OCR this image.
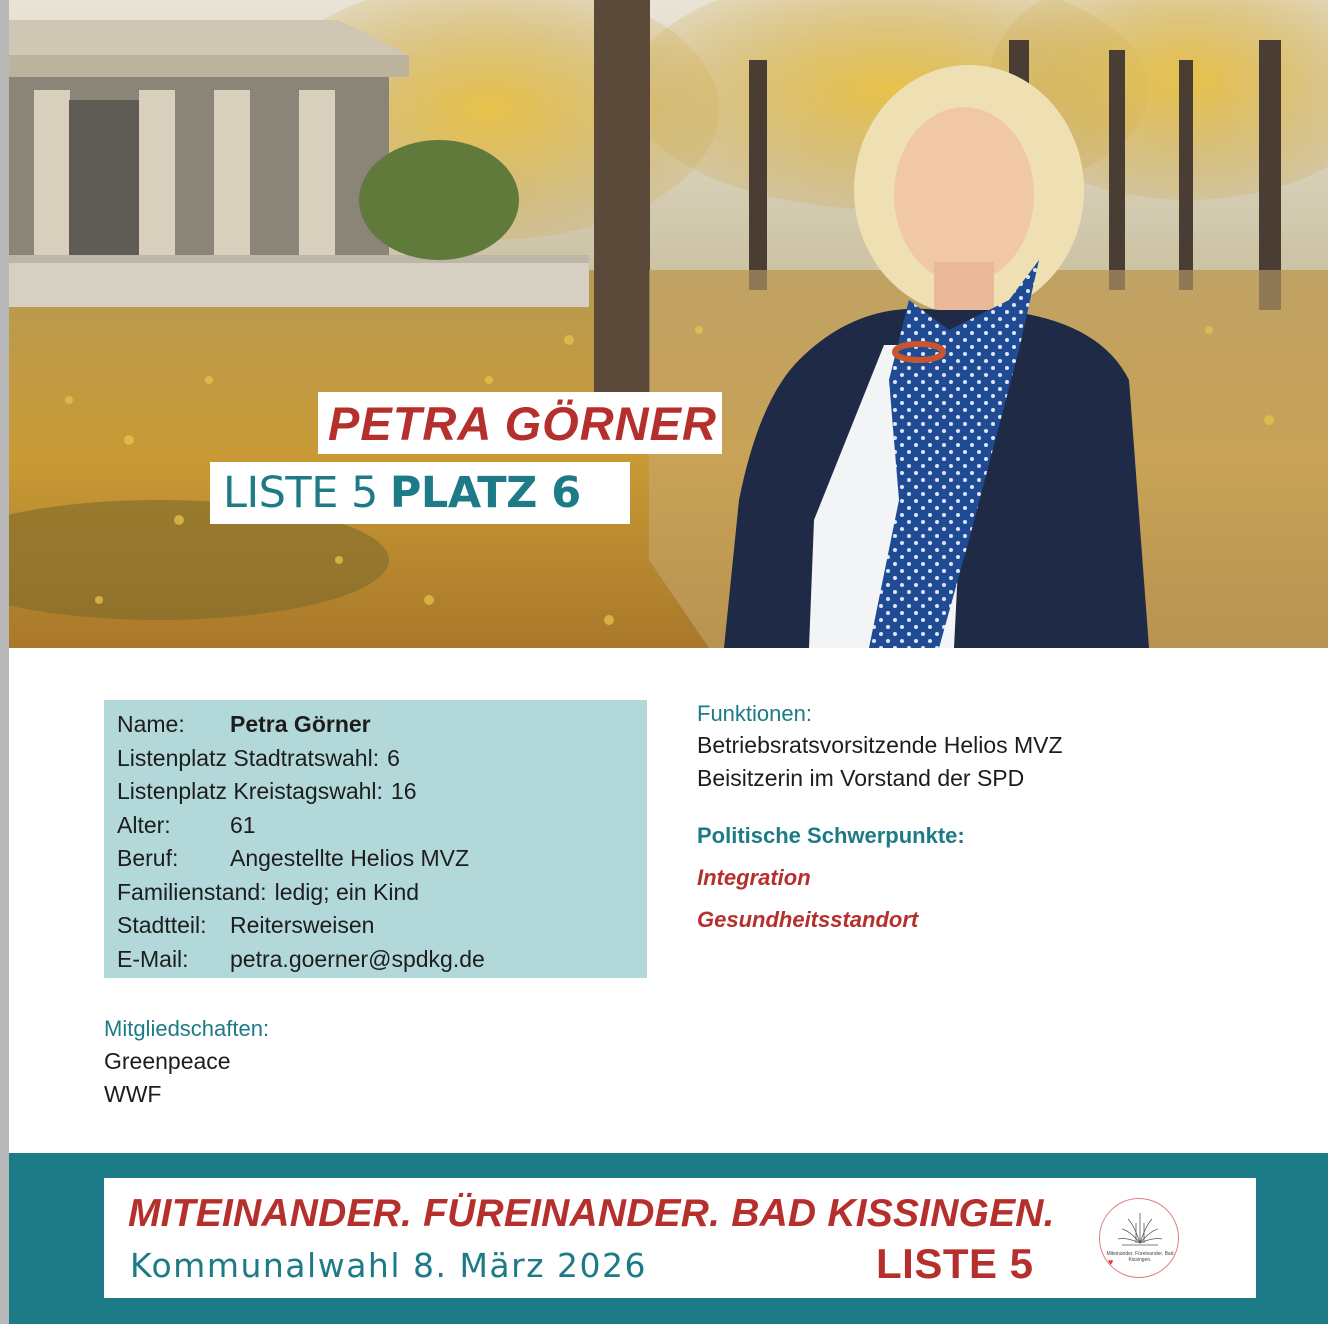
PETRA GÖRNER
LISTE 5 PLATZ 6
Name:	Petra Görner
Listenplatz Stadtratswahl: 6
Listenplatz Kreistagswahl: 16
Alter:	61
Beruf:	Angestellte Helios MVZ
Familienstand: ledig; ein Kind
Stadtteil:	Reitersweisen
E-Mail:	petra.goerner@spdkg.de
Mitgliedschaften:
Greenpeace
WWF
Funktionen:
Betriebsratsvorsitzende Helios MVZ
Beisitzerin im Vorstand der SPD
Politische Schwerpunkte:
Integration
Gesundheitsstandort
MITEINANDER. FÜREINANDER. BAD KISSINGEN.
Kommunalwahl 8. März 2026	LISTE 5	Miteinander. Füreinander. Bad Kissingen.
♥
